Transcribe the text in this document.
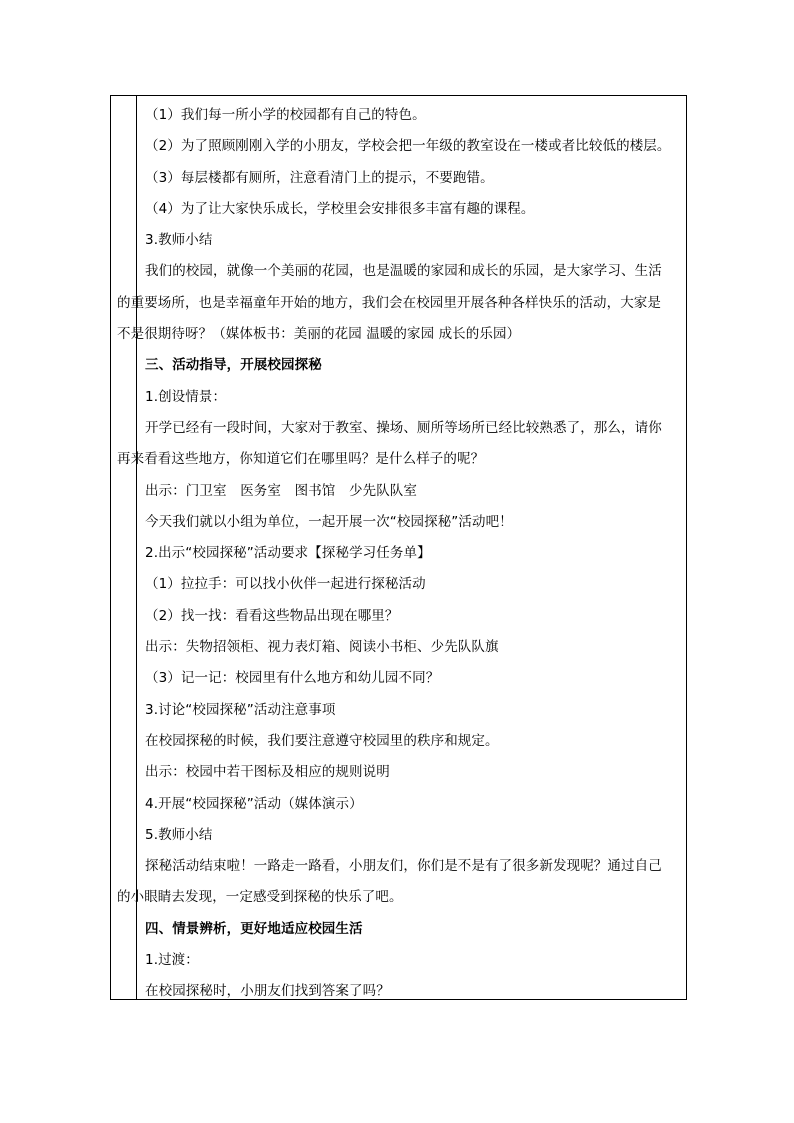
（1）我们每一所小学的校园都有自己的特色。
（2）为了照顾刚刚入学的小朋友，学校会把一年级的教室设在一楼或者比较低的楼层。
（3）每层楼都有厕所，注意看清门上的提示，不要跑错。
（4）为了让大家快乐成长，学校里会安排很多丰富有趣的课程。
3.教师小结
我们的校园，就像一个美丽的花园，也是温暖的家园和成长的乐园，是大家学习、生活
的重要场所，也是幸福童年开始的地方，我们会在校园里开展各种各样快乐的活动，大家是
不是很期待呀？（媒体板书：美丽的花园 温暖的家园 成长的乐园）
三、活动指导，开展校园探秘
1.创设情景：
开学已经有一段时间，大家对于教室、操场、厕所等场所已经比较熟悉了，那么，请你
再来看看这些地方，你知道它们在哪里吗？是什么样子的呢？
出示：门卫室　医务室　图书馆　少先队队室
今天我们就以小组为单位，一起开展一次“校园探秘”活动吧！
2.出示“校园探秘”活动要求【探秘学习任务单】
（1）拉拉手：可以找小伙伴一起进行探秘活动
（2）找一找：看看这些物品出现在哪里？
出示：失物招领柜、视力表灯箱、阅读小书柜、少先队队旗
（3）记一记：校园里有什么地方和幼儿园不同？
3.讨论“校园探秘”活动注意事项
在校园探秘的时候，我们要注意遵守校园里的秩序和规定。
出示：校园中若干图标及相应的规则说明
4.开展“校园探秘”活动（媒体演示）
5.教师小结
探秘活动结束啦！一路走一路看，小朋友们，你们是不是有了很多新发现呢？通过自己
的小眼睛去发现，一定感受到探秘的快乐了吧。
四、情景辨析，更好地适应校园生活
1.过渡：
在校园探秘时，小朋友们找到答案了吗？
